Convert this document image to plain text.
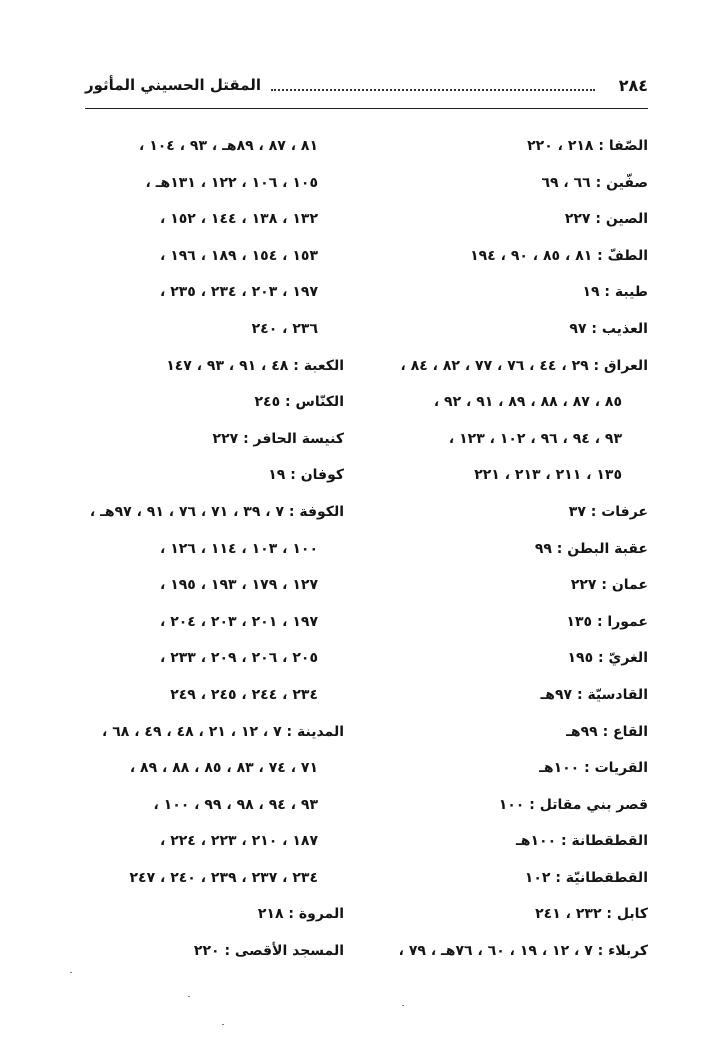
٢٨٤
المقتل الحسيني المأثور
الصّفا : ٢١٨ ، ٢٢٠
صفّين : ٦٦ ، ٦٩
الصين : ٢٢٧
الطفّ : ٨١ ، ٨٥ ، ٩٠ ، ١٩٤
طيبة : ١٩
العذيب : ٩٧
العراق : ٢٩ ، ٤٤ ، ٧٦ ، ٧٧ ، ٨٢ ، ٨٤ ،
٨٥ ، ٨٧ ، ٨٨ ، ٨٩ ، ٩١ ، ٩٢ ،
٩٣ ، ٩٤ ، ٩٦ ، ١٠٢ ، ١٢٣ ،
١٣٥ ، ٢١١ ، ٢١٣ ، ٢٢١
عرفات : ٣٧
عقبة البطن : ٩٩
عمان : ٢٢٧
عمورا : ١٣٥
الغريّ : ١٩٥
القادسيّة : ٩٧هـ
القاع : ٩٩هـ
القريات : ١٠٠هـ
قصر بني مقاتل : ١٠٠
القطقطانة : ١٠٠هـ
القطقطانيّة : ١٠٢
كابل : ٢٣٢ ، ٢٤١
كربلاء : ٧ ، ١٢ ، ١٩ ، ٦٠ ، ٧٦هـ ، ٧٩ ،
٨١ ، ٨٧ ، ٨٩هـ ، ٩٣ ، ١٠٤ ،
١٠٥ ، ١٠٦ ، ١٢٢ ، ١٣١هـ ،
١٣٢ ، ١٣٨ ، ١٤٤ ، ١٥٢ ،
١٥٣ ، ١٥٤ ، ١٨٩ ، ١٩٦ ،
١٩٧ ، ٢٠٣ ، ٢٣٤ ، ٢٣٥ ،
٢٣٦ ، ٢٤٠
الكعبة : ٤٨ ، ٩١ ، ٩٣ ، ١٤٧
الكنّاس : ٢٤٥
كنيسة الحافر : ٢٢٧
كوفان : ١٩
الكوفة : ٧ ، ٣٩ ، ٧١ ، ٧٦ ، ٩١ ، ٩٧هـ ،
١٠٠ ، ١٠٣ ، ١١٤ ، ١٢٦ ،
١٢٧ ، ١٧٩ ، ١٩٣ ، ١٩٥ ،
١٩٧ ، ٢٠١ ، ٢٠٣ ، ٢٠٤ ،
٢٠٥ ، ٢٠٦ ، ٢٠٩ ، ٢٣٣ ،
٢٣٤ ، ٢٤٤ ، ٢٤٥ ، ٢٤٩
المدينة : ٧ ، ١٢ ، ٢١ ، ٤٨ ، ٤٩ ، ٦٨ ،
٧١ ، ٧٤ ، ٨٣ ، ٨٥ ، ٨٨ ، ٨٩ ،
٩٣ ، ٩٤ ، ٩٨ ، ٩٩ ، ١٠٠ ،
١٨٧ ، ٢١٠ ، ٢٢٣ ، ٢٢٤ ،
٢٣٤ ، ٢٣٧ ، ٢٣٩ ، ٢٤٠ ، ٢٤٧
المروة : ٢١٨
المسجد الأقصى : ٢٢٠
